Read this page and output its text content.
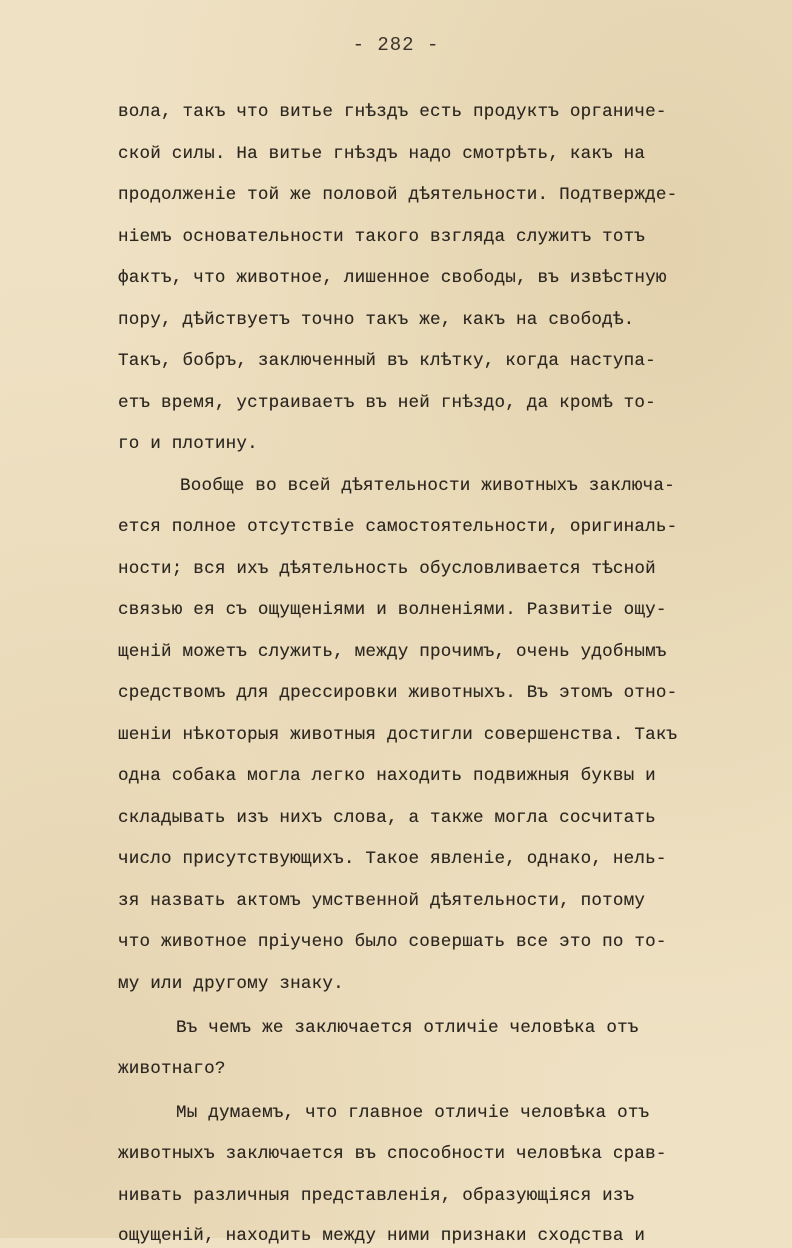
- 282 -

вола, такъ что витье гнѣздъ есть продуктъ органиче-

ской силы. На витье гнѣздъ надо смотрѣть, какъ на

продолженіе той же половой дѣятельности. Подтвержде-

ніемъ основательности такого взгляда служитъ тотъ

фактъ, что животное, лишенное свободы, въ извѣстную

пору, дѣйствуетъ точно такъ же, какъ на свободѣ.

Такъ, бобръ, заключенный въ клѣтку, когда наступа-

етъ время, устраиваетъ въ ней гнѣздо, да кромѣ то-

го и плотину.

Вообще во всей дѣятельности животныхъ заключа-

ется полное отсутствіе самостоятельности, оригиналь-

ности; вся ихъ дѣятельность обусловливается тѣсной

связью ея съ ощущеніями и волненіями. Развитіе ощу-

щеній можетъ служить, между прочимъ, очень удобнымъ

средствомъ для дрессировки животныхъ. Въ этомъ отно-

шеніи нѣкоторыя животныя достигли совершенства. Такъ

одна собака могла легко находить подвижныя буквы и

складывать изъ нихъ слова, а также могла сосчитать

число присутствующихъ. Такое явленіе, однако, нель-

зя назвать актомъ умственной дѣятельности, потому

что животное пріучено было совершать все это по то-

му или другому знаку.

Въ чемъ же заключается отличіе человѣка отъ

животнаго?

Мы думаемъ, что главное отличіе человѣка отъ

животныхъ заключается въ способности человѣка срав-

нивать различныя представленія, образующіяся изъ

ощущеній, находить между ними признаки сходства и
